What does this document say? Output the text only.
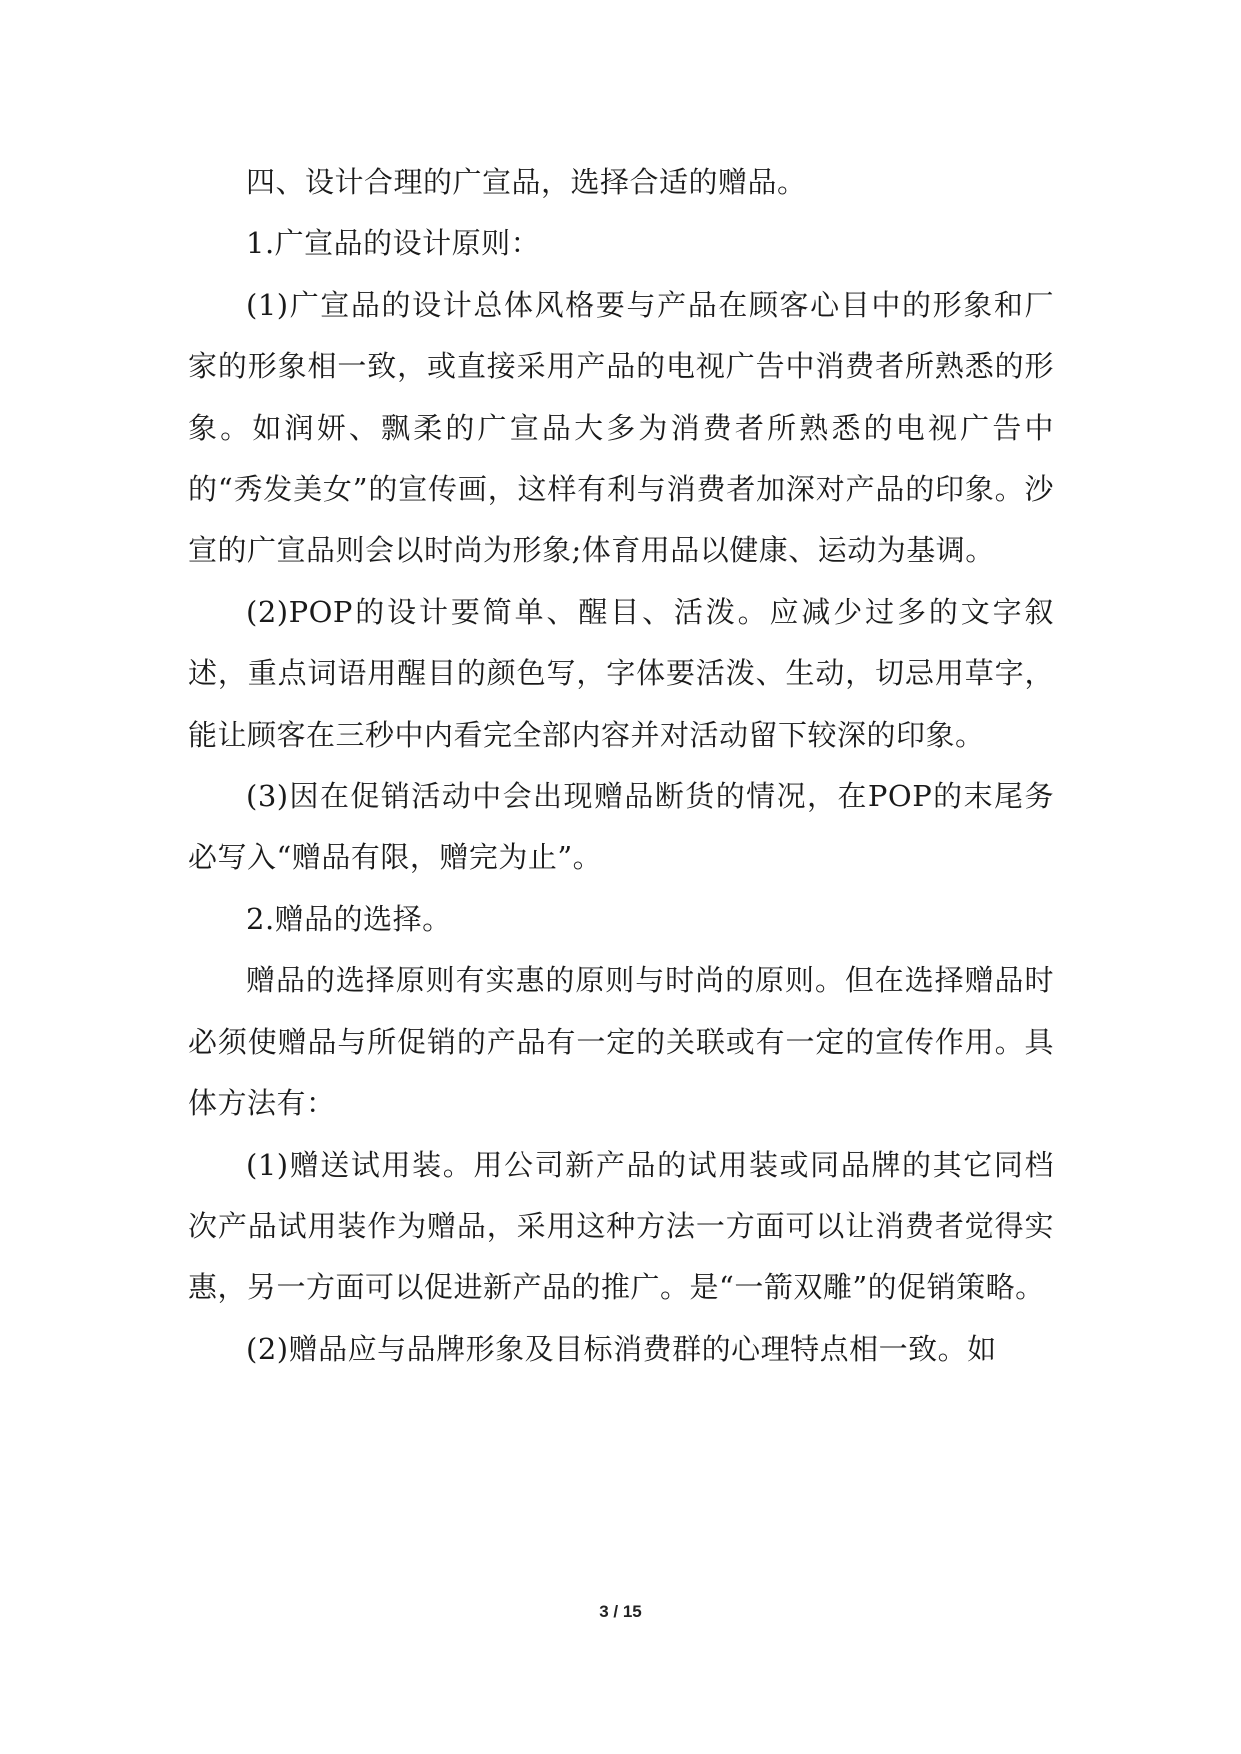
四、设计合理的广宣品，选择合适的赠品。

1.广宣品的设计原则：

(1)广宣品的设计总体风格要与产品在顾客心目中的形象和厂家的形象相一致，或直接采用产品的电视广告中消费者所熟悉的形象。如润妍、飘柔的广宣品大多为消费者所熟悉的电视广告中的“秀发美女”的宣传画，这样有利与消费者加深对产品的印象。沙宣的广宣品则会以时尚为形象;体育用品以健康、运动为基调。

(2)POP的设计要简单、醒目、活泼。应减少过多的文字叙述，重点词语用醒目的颜色写，字体要活泼、生动，切忌用草字，能让顾客在三秒中内看完全部内容并对活动留下较深的印象。

(3)因在促销活动中会出现赠品断货的情况，在POP的末尾务必写入“赠品有限，赠完为止”。

2.赠品的选择。

赠品的选择原则有实惠的原则与时尚的原则。但在选择赠品时必须使赠品与所促销的产品有一定的关联或有一定的宣传作用。具体方法有：

(1)赠送试用装。用公司新产品的试用装或同品牌的其它同档次产品试用装作为赠品，采用这种方法一方面可以让消费者觉得实惠，另一方面可以促进新产品的推广。是“一箭双雕”的促销策略。

(2)赠品应与品牌形象及目标消费群的心理特点相一致。如

3 / 15
